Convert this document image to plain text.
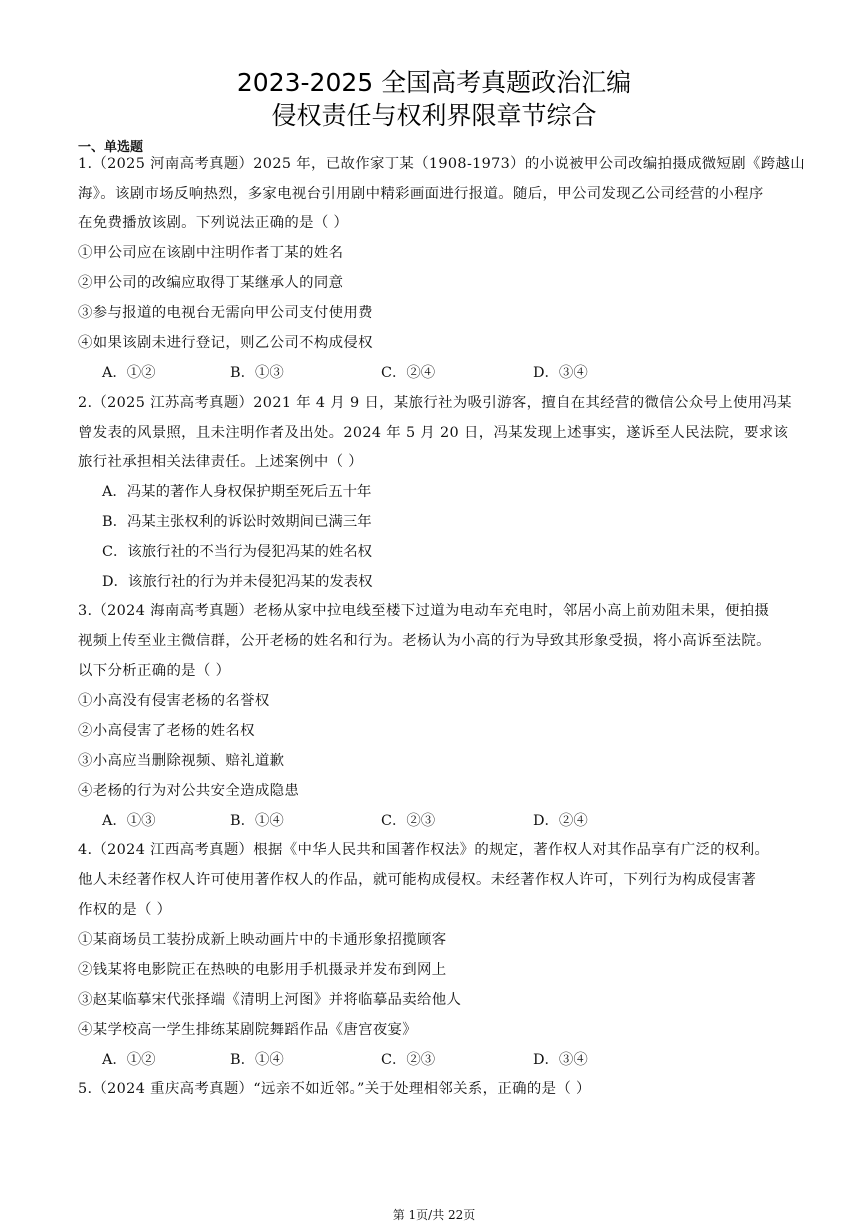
2023-2025 全国高考真题政治汇编
侵权责任与权利界限章节综合
一、单选题
1.（2025 河南高考真题）2025 年，已故作家丁某（1908-1973）的小说被甲公司改编拍摄成微短剧《跨越山
海》。该剧市场反响热烈，多家电视台引用剧中精彩画面进行报道。随后，甲公司发现乙公司经营的小程序
在免费播放该剧。下列说法正确的是（ ）
①甲公司应在该剧中注明作者丁某的姓名
②甲公司的改编应取得丁某继承人的同意
③参与报道的电视台无需向甲公司支付使用费
④如果该剧未进行登记，则乙公司不构成侵权
A．①②	B．①③	C．②④	D．③④
2.（2025 江苏高考真题）2021 年 4 月 9 日，某旅行社为吸引游客，擅自在其经营的微信公众号上使用冯某
曾发表的风景照，且未注明作者及出处。2024 年 5 月 20 日，冯某发现上述事实，遂诉至人民法院，要求该
旅行社承担相关法律责任。上述案例中（ ）
A．冯某的著作人身权保护期至死后五十年
B．冯某主张权利的诉讼时效期间已满三年
C．该旅行社的不当行为侵犯冯某的姓名权
D．该旅行社的行为并未侵犯冯某的发表权
3.（2024 海南高考真题）老杨从家中拉电线至楼下过道为电动车充电时，邻居小高上前劝阻未果，便拍摄
视频上传至业主微信群，公开老杨的姓名和行为。老杨认为小高的行为导致其形象受损，将小高诉至法院。
以下分析正确的是（ ）
①小高没有侵害老杨的名誉权
②小高侵害了老杨的姓名权
③小高应当删除视频、赔礼道歉
④老杨的行为对公共安全造成隐患
A．①③	B．①④	C．②③	D．②④
4.（2024 江西高考真题）根据《中华人民共和国著作权法》的规定，著作权人对其作品享有广泛的权利。
他人未经著作权人许可使用著作权人的作品，就可能构成侵权。未经著作权人许可，下列行为构成侵害著
作权的是（ ）
①某商场员工装扮成新上映动画片中的卡通形象招揽顾客
②钱某将电影院正在热映的电影用手机摄录并发布到网上
③赵某临摹宋代张择端《清明上河图》并将临摹品卖给他人
④某学校高一学生排练某剧院舞蹈作品《唐宫夜宴》
A．①②	B．①④	C．②③	D．③④
5.（2024 重庆高考真题）“远亲不如近邻。”关于处理相邻关系，正确的是（ ）
第 1页/共 22页
